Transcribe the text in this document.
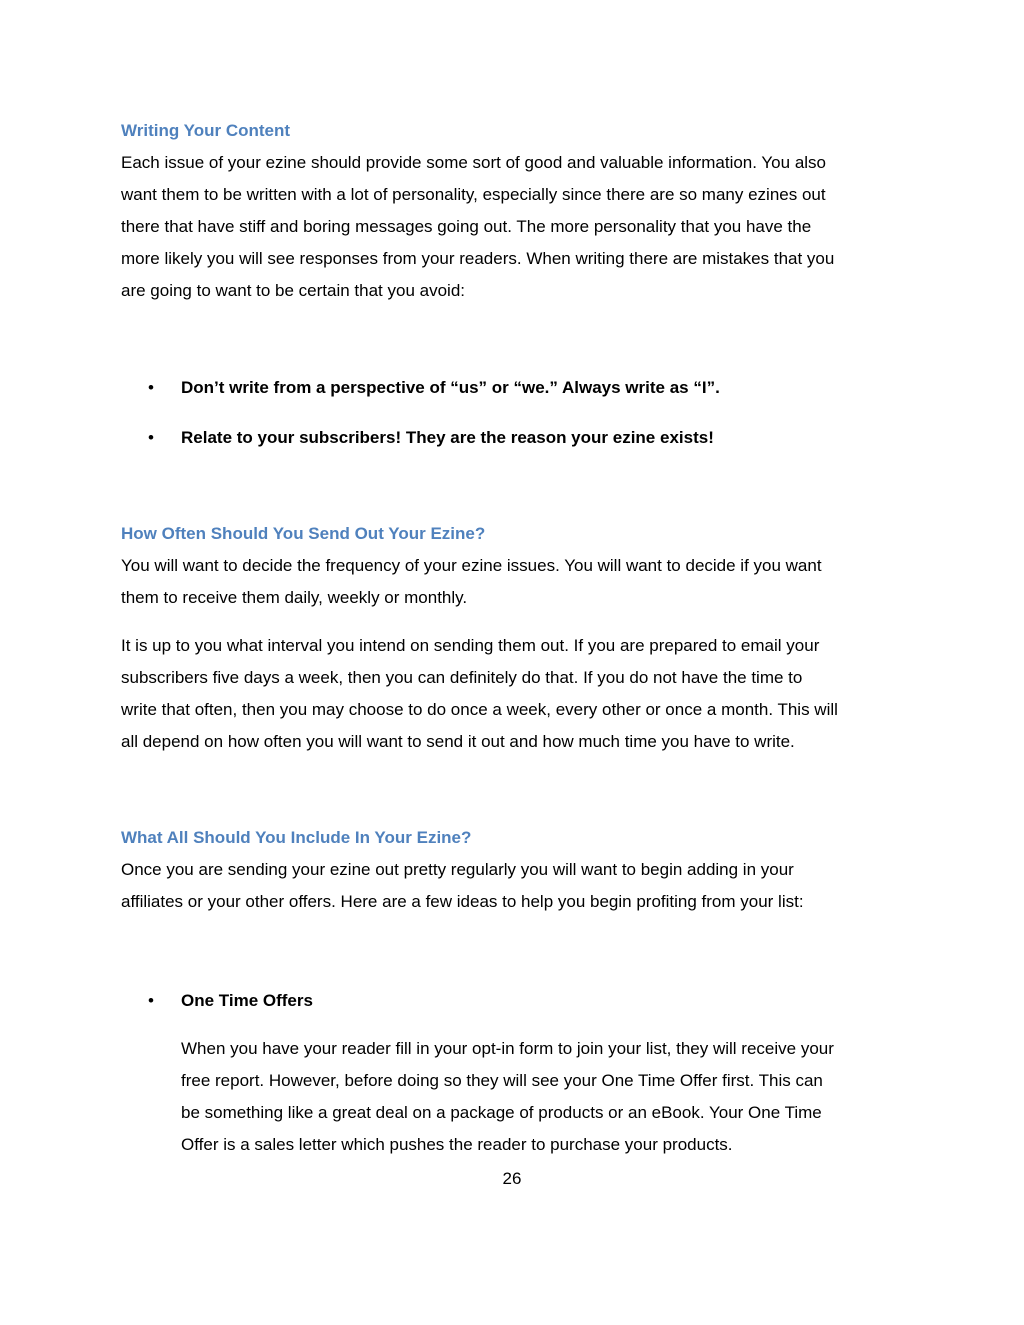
Writing Your Content

Each issue of your ezine should provide some sort of good and valuable information. You also
want them to be written with a lot of personality, especially since there are so many ezines out
there that have stiff and boring messages going out. The more personality that you have the
more likely you will see responses from your readers. When writing there are mistakes that you
are going to want to be certain that you avoid:

• Don’t write from a perspective of “us” or “we.” Always write as “I”.
• Relate to your subscribers! They are the reason your ezine exists!
How Often Should You Send Out Your Ezine?

You will want to decide the frequency of your ezine issues. You will want to decide if you want
them to receive them daily, weekly or monthly.

It is up to you what interval you intend on sending them out. If you are prepared to email your
subscribers five days a week, then you can definitely do that. If you do not have the time to
write that often, then you may choose to do once a week, every other or once a month. This will
all depend on how often you will want to send it out and how much time you have to write.

What All Should You Include In Your Ezine?

Once you are sending your ezine out pretty regularly you will want to begin adding in your
affiliates or your other offers. Here are a few ideas to help you begin profiting from your list:

• One Time Offers

When you have your reader fill in your opt-in form to join your list, they will receive your
free report. However, before doing so they will see your One Time Offer first. This can
be something like a great deal on a package of products or an eBook. Your One Time
Offer is a sales letter which pushes the reader to purchase your products.

26
